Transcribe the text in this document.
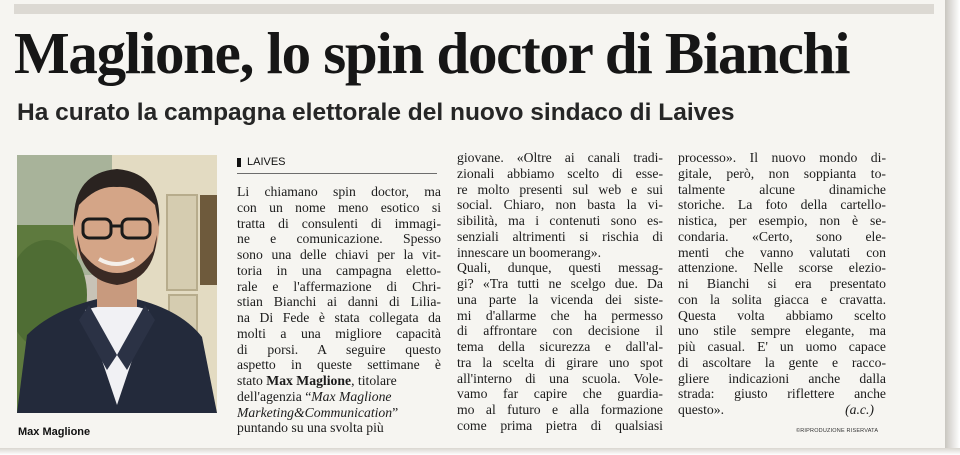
Maglione, lo spin doctor di Bianchi
Ha curato la campagna elettorale del nuovo sindaco di Laives
Max Maglione
LAIVES
Li chiamano spin doctor, ma
con un nome meno esotico si
tratta di consulenti di immagi-
ne e comunicazione. Spesso
sono una delle chiavi per la vit-
toria in una campagna eletto-
rale e l'affermazione di Chri-
stian Bianchi ai danni di Lilia-
na Di Fede è stata collegata da
molti a una migliore capacità
di porsi. A seguire questo
aspetto in queste settimane è
stato Max Maglione, titolare
dell'agenzia “Max Maglione
Marketing&Communication”
puntando su una svolta più
giovane. «Oltre ai canali tradi-
zionali abbiamo scelto di esse-
re molto presenti sul web e sui
social. Chiaro, non basta la vi-
sibilità, ma i contenuti sono es-
senziali altrimenti si rischia di
innescare un boomerang».
Quali, dunque, questi messag-
gi? «Tra tutti ne scelgo due. Da
una parte la vicenda dei siste-
mi d'allarme che ha permesso
di affrontare con decisione il
tema della sicurezza e dall'al-
tra la scelta di girare uno spot
all'interno di una scuola. Vole-
vamo far capire che guardia-
mo al futuro e alla formazione
come prima pietra di qualsiasi
processo». Il nuovo mondo di-
gitale, però, non soppianta to-
talmente alcune dinamiche
storiche. La foto della cartello-
nistica, per esempio, non è se-
condaria. «Certo, sono ele-
menti che vanno valutati con
attenzione. Nelle scorse elezio-
ni Bianchi si era presentato
con la solita giacca e cravatta.
Questa volta abbiamo scelto
uno stile sempre elegante, ma
più casual. E' un uomo capace
di ascoltare la gente e racco-
gliere indicazioni anche dalla
strada: giusto riflettere anche
questo».	(a.c.)
©RIPRODUZIONE RISERVATA
